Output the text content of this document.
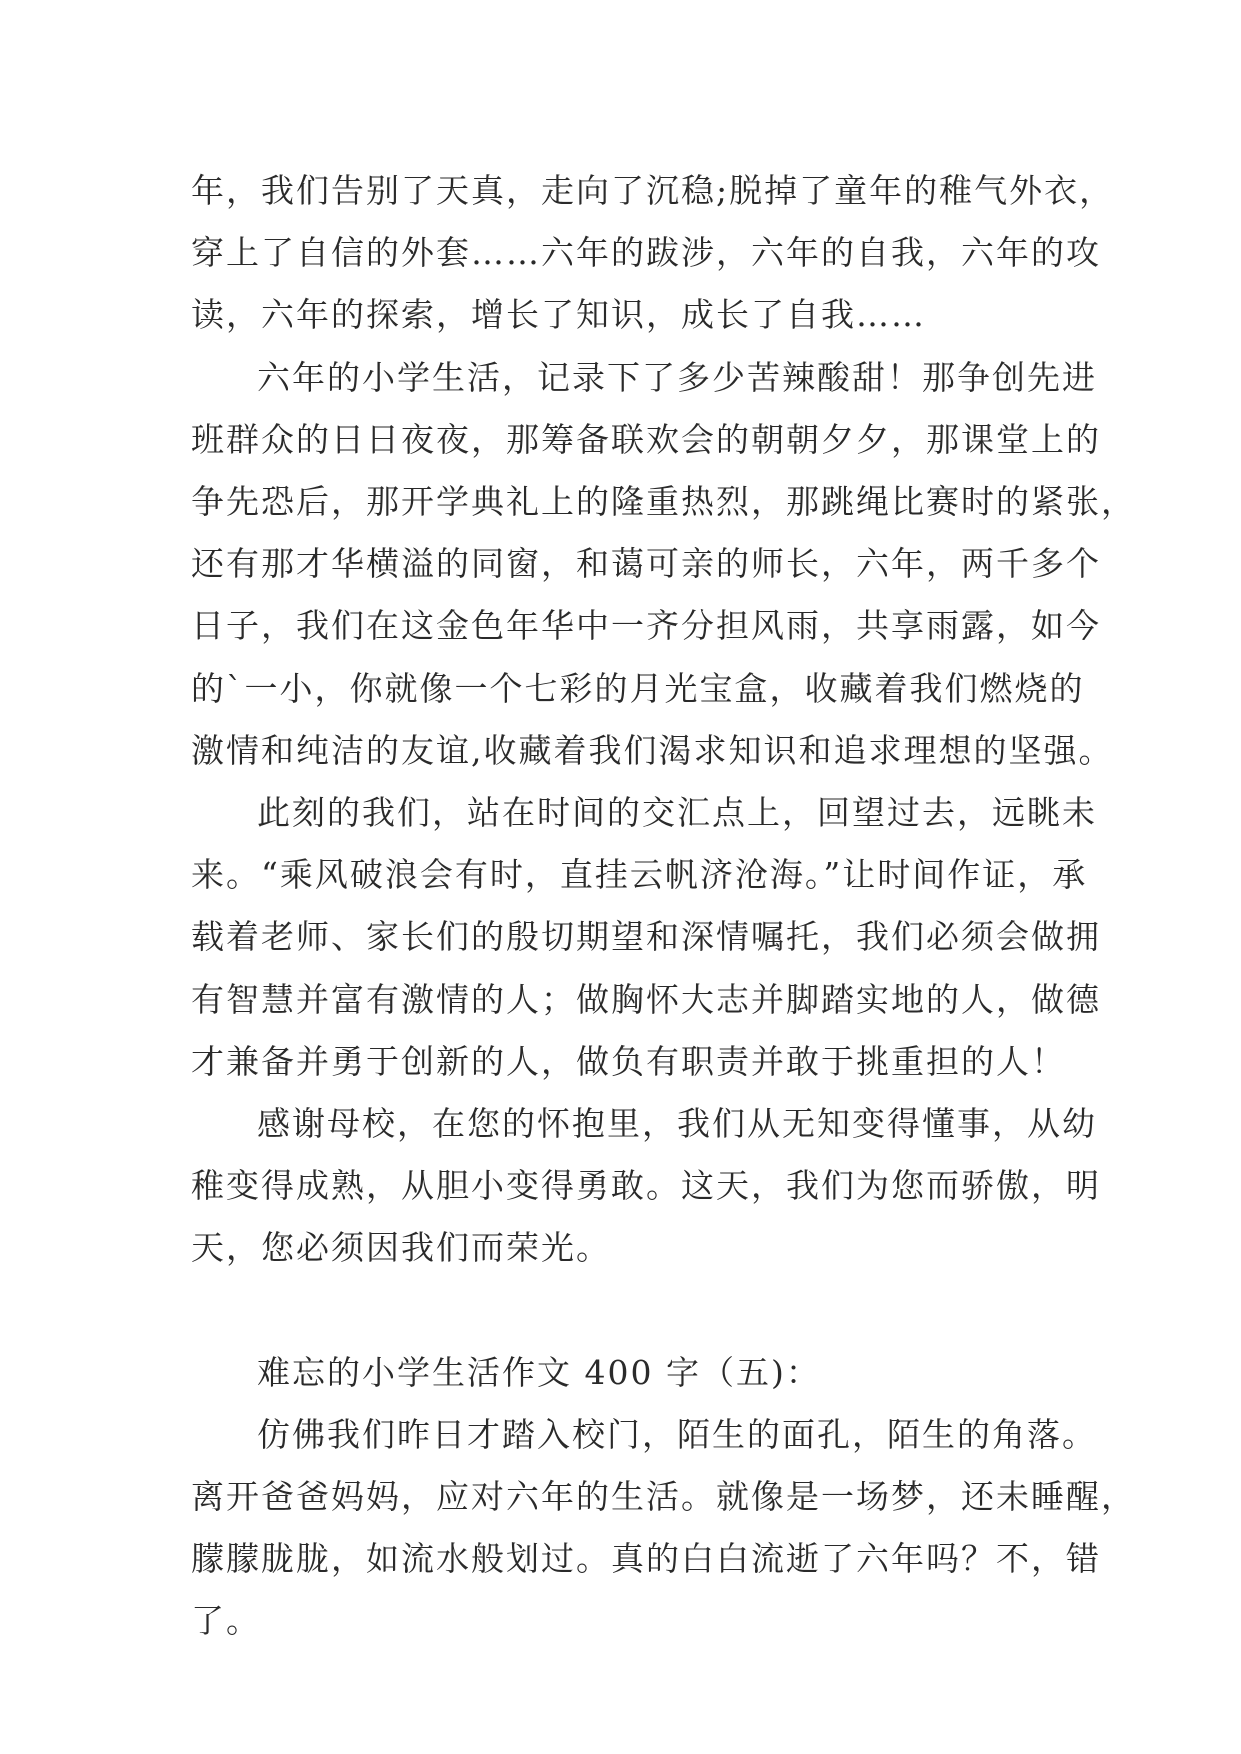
年，我们告别了天真，走向了沉稳;脱掉了童年的稚气外衣，
穿上了自信的外套……六年的跋涉，六年的自我，六年的攻
读，六年的探索，增长了知识，成长了自我……

六年的小学生活，记录下了多少苦辣酸甜！那争创先进
班群众的日日夜夜，那筹备联欢会的朝朝夕夕，那课堂上的
争先恐后，那开学典礼上的隆重热烈，那跳绳比赛时的紧张，
还有那才华横溢的同窗，和蔼可亲的师长，六年，两千多个
日子，我们在这金色年华中一齐分担风雨，共享雨露，如今
的`一小，你就像一个七彩的月光宝盒，收藏着我们燃烧的
激情和纯洁的友谊,收藏着我们渴求知识和追求理想的坚强。

此刻的我们，站在时间的交汇点上，回望过去，远眺未
来。“乘风破浪会有时，直挂云帆济沧海。”让时间作证，承
载着老师、家长们的殷切期望和深情嘱托，我们必须会做拥
有智慧并富有激情的人；做胸怀大志并脚踏实地的人，做德
才兼备并勇于创新的人，做负有职责并敢于挑重担的人！

感谢母校，在您的怀抱里，我们从无知变得懂事，从幼
稚变得成熟，从胆小变得勇敢。这天，我们为您而骄傲，明
天，您必须因我们而荣光。

难忘的小学生活作文 400 字（五)：

仿佛我们昨日才踏入校门，陌生的面孔，陌生的角落。
离开爸爸妈妈，应对六年的生活。就像是一场梦，还未睡醒，
朦朦胧胧，如流水般划过。真的白白流逝了六年吗？不，错
了。
